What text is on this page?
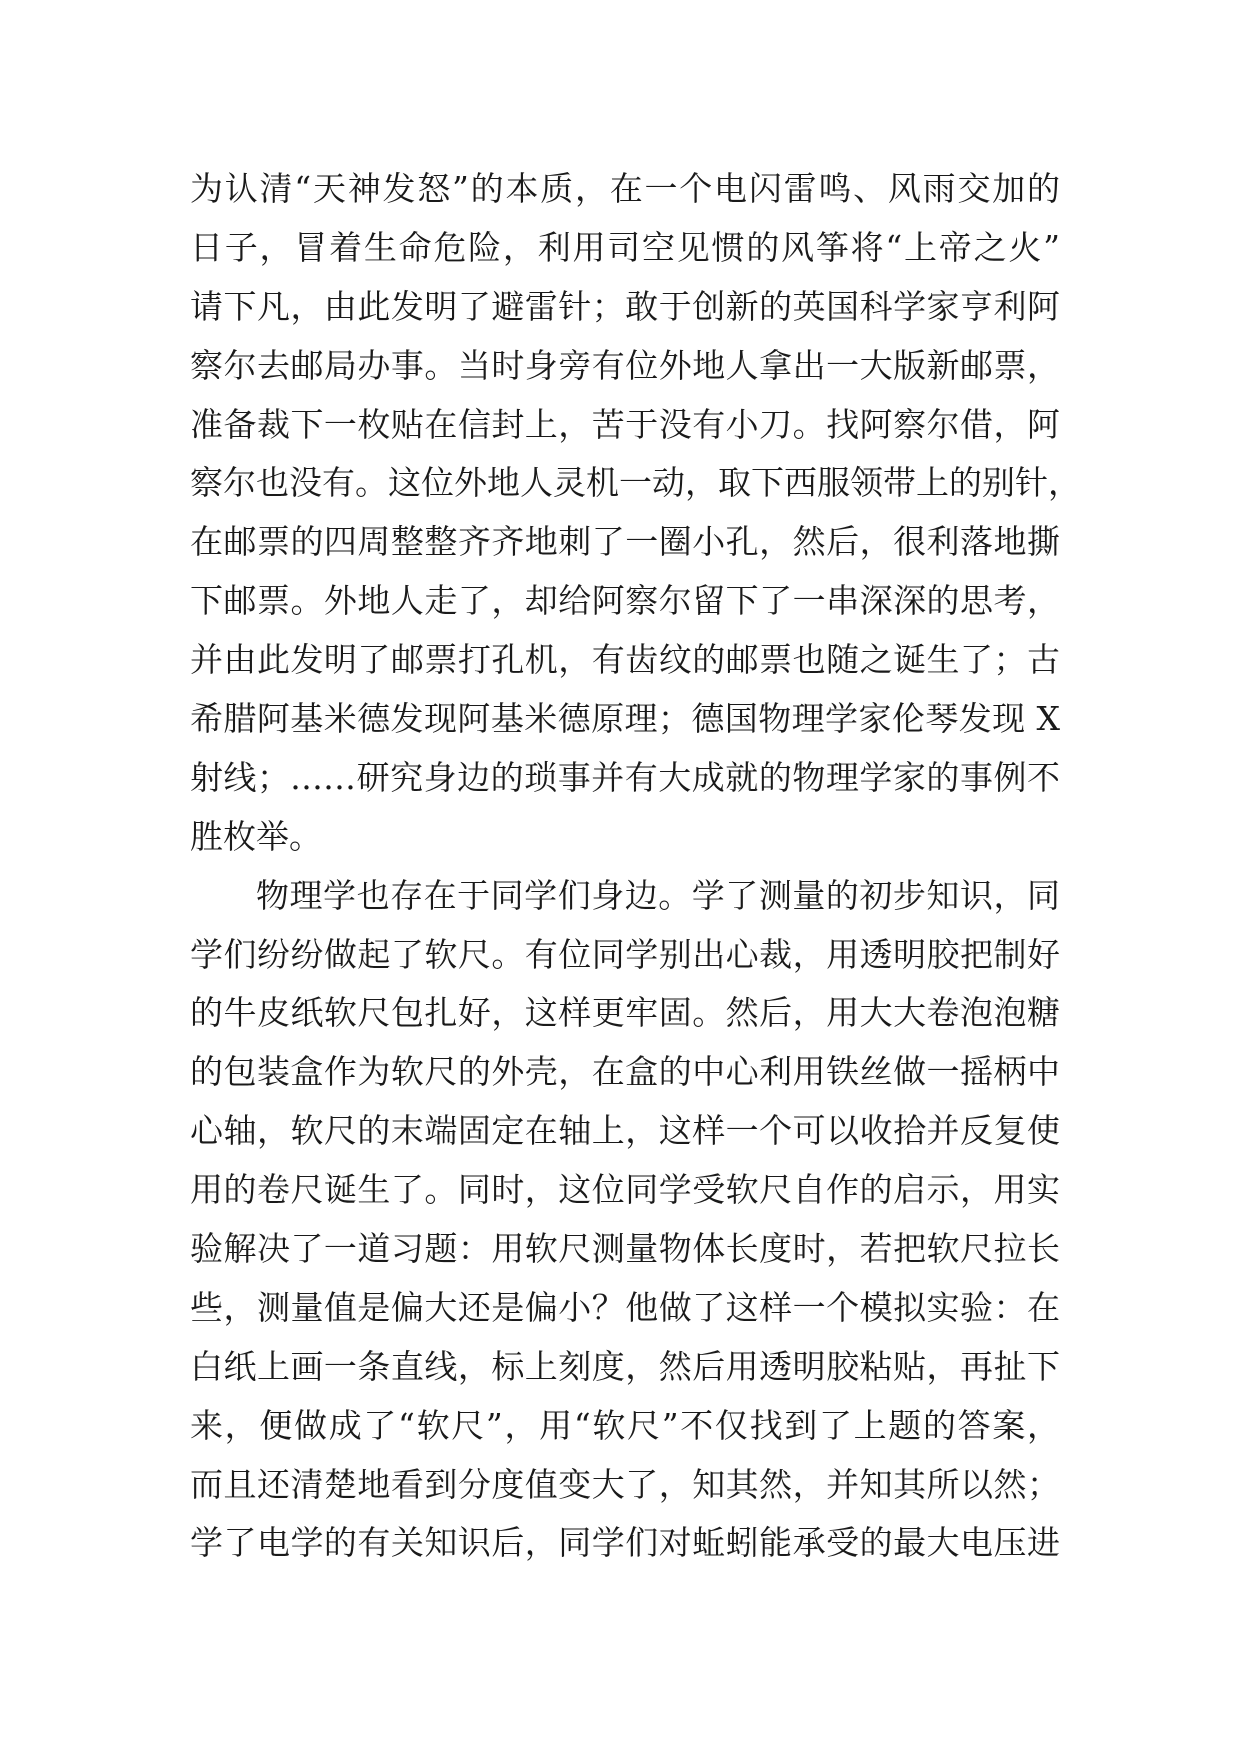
为认清“天神发怒”的本质，在一个电闪雷鸣、风雨交加的
日子，冒着生命危险，利用司空见惯的风筝将“上帝之火”
请下凡，由此发明了避雷针；敢于创新的英国科学家亨利阿
察尔去邮局办事。当时身旁有位外地人拿出一大版新邮票，
准备裁下一枚贴在信封上，苦于没有小刀。找阿察尔借，阿
察尔也没有。这位外地人灵机一动，取下西服领带上的别针，
在邮票的四周整整齐齐地刺了一圈小孔，然后，很利落地撕
下邮票。外地人走了，却给阿察尔留下了一串深深的思考，
并由此发明了邮票打孔机，有齿纹的邮票也随之诞生了；古
希腊阿基米德发现阿基米德原理；德国物理学家伦琴发现 X
射线；……研究身边的琐事并有大成就的物理学家的事例不
胜枚举。
物理学也存在于同学们身边。学了测量的初步知识，同
学们纷纷做起了软尺。有位同学别出心裁，用透明胶把制好
的牛皮纸软尺包扎好，这样更牢固。然后，用大大卷泡泡糖
的包装盒作为软尺的外壳，在盒的中心利用铁丝做一摇柄中
心轴，软尺的末端固定在轴上，这样一个可以收拾并反复使
用的卷尺诞生了。同时，这位同学受软尺自作的启示，用实
验解决了一道习题：用软尺测量物体长度时，若把软尺拉长
些，测量值是偏大还是偏小？他做了这样一个模拟实验：在
白纸上画一条直线，标上刻度，然后用透明胶粘贴，再扯下
来，便做成了“软尺”，用“软尺”不仅找到了上题的答案，
而且还清楚地看到分度值变大了，知其然，并知其所以然；
学了电学的有关知识后，同学们对蚯蚓能承受的最大电压进
